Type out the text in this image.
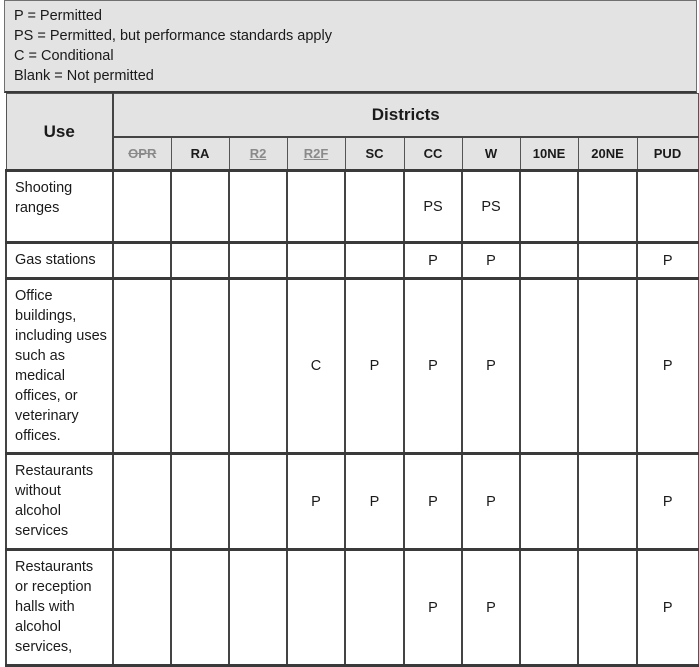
P = Permitted
PS = Permitted, but performance standards apply
C = Conditional
Blank = Not permitted
Use	Districts									
	OPR	RA	R2	R2F	SC	CC	W	10NE	20NE	PUD
Shooting ranges						PS	PS			
Gas stations						P	P			P
Office buildings, including uses such as medical offices, or veterinary offices.				C	P	P	P			P
Restaurants without alcohol services				P	P	P	P			P
Restaurants or reception halls with alcohol services,						P	P			P
